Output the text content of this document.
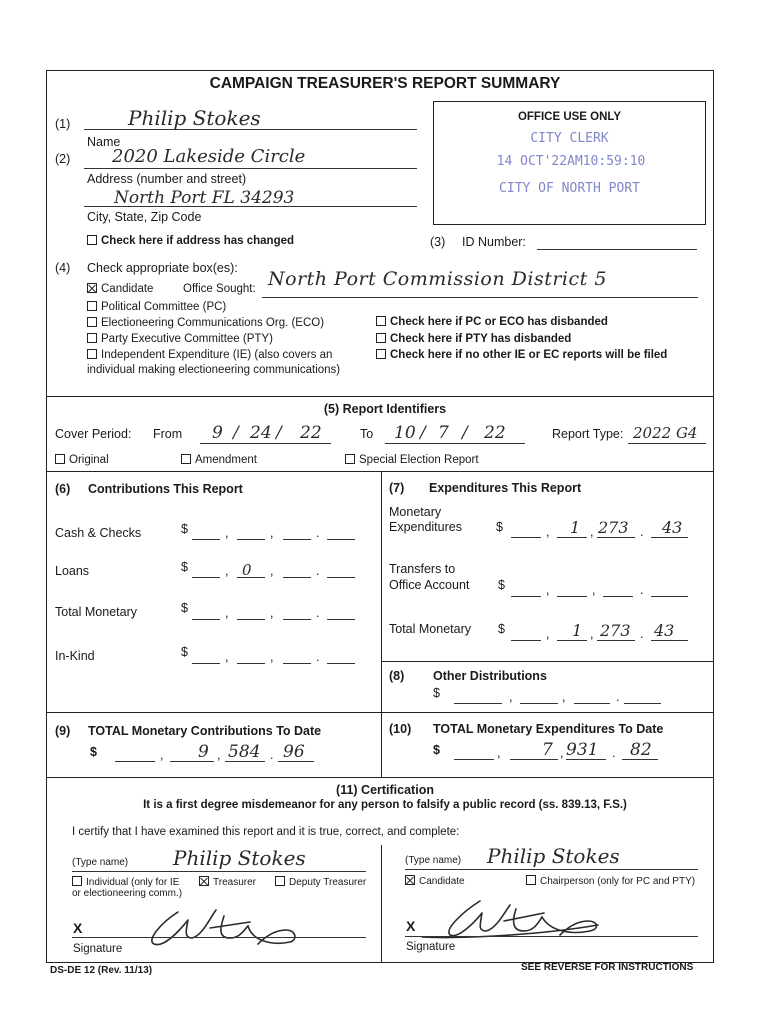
CAMPAIGN TREASURER'S REPORT SUMMARY
(1)	Philip Stokes
Name
(2) 2020 Lakeside Circle
Address (number and street)
North Port FL 34293
City, State, Zip Code
Check here if address has changed
OFFICE USE ONLY
CITY CLERK
14 OCT'22AM10:59:10
CITY OF NORTH PORT
(3) ID Number:
(4) Check appropriate box(es):
Candidate	Office Sought: North Port Commission District 5
Political Committee (PC)
Electioneering Communications Org. (ECO)
Party Executive Committee (PTY)
Independent Expenditure (IE) (also covers an
individual making electioneering communications)
Check here if PC or ECO has disbanded
Check here if PTY has disbanded
Check here if no other IE or EC reports will be filed
(5) Report Identifiers
Cover Period: From 9 / 24 / 22	To 10 / 7 / 22	Report Type: 2022 G4
Original	Amendment	Special Election Report
(6) Contributions This Report
Cash & Checks	$	,	,	.
Loans	$	, 0 ,	.
Total Monetary	$	,	,	.
In-Kind	$	,	,	.
(7) Expenditures This Report
Monetary
Expenditures	$	, 1 , 273 . 43
Transfers to
Office Account $	,	,	.
Total Monetary $	, 1 , 273 . 43
(8) Other Distributions
$	,	,	.
(9) TOTAL Monetary Contributions To Date
$	, 9 , 584 . 96
(10) TOTAL Monetary Expenditures To Date
$	, 7 , 931 . 82
(11) Certification
It is a first degree misdemeanor for any person to falsify a public record (ss. 839.13, F.S.)
I certify that I have examined this report and it is true, correct, and complete:
(Type name) Philip Stokes
Individual (only for IE
or electioneering comm.)
Treasurer	Deputy Treasurer
(Type name) Philip Stokes
Candidate	Chairperson (only for PC and PTY)
X
Signature
X
Signature
DS-DE 12 (Rev. 11/13)	SEE REVERSE FOR INSTRUCTIONS
